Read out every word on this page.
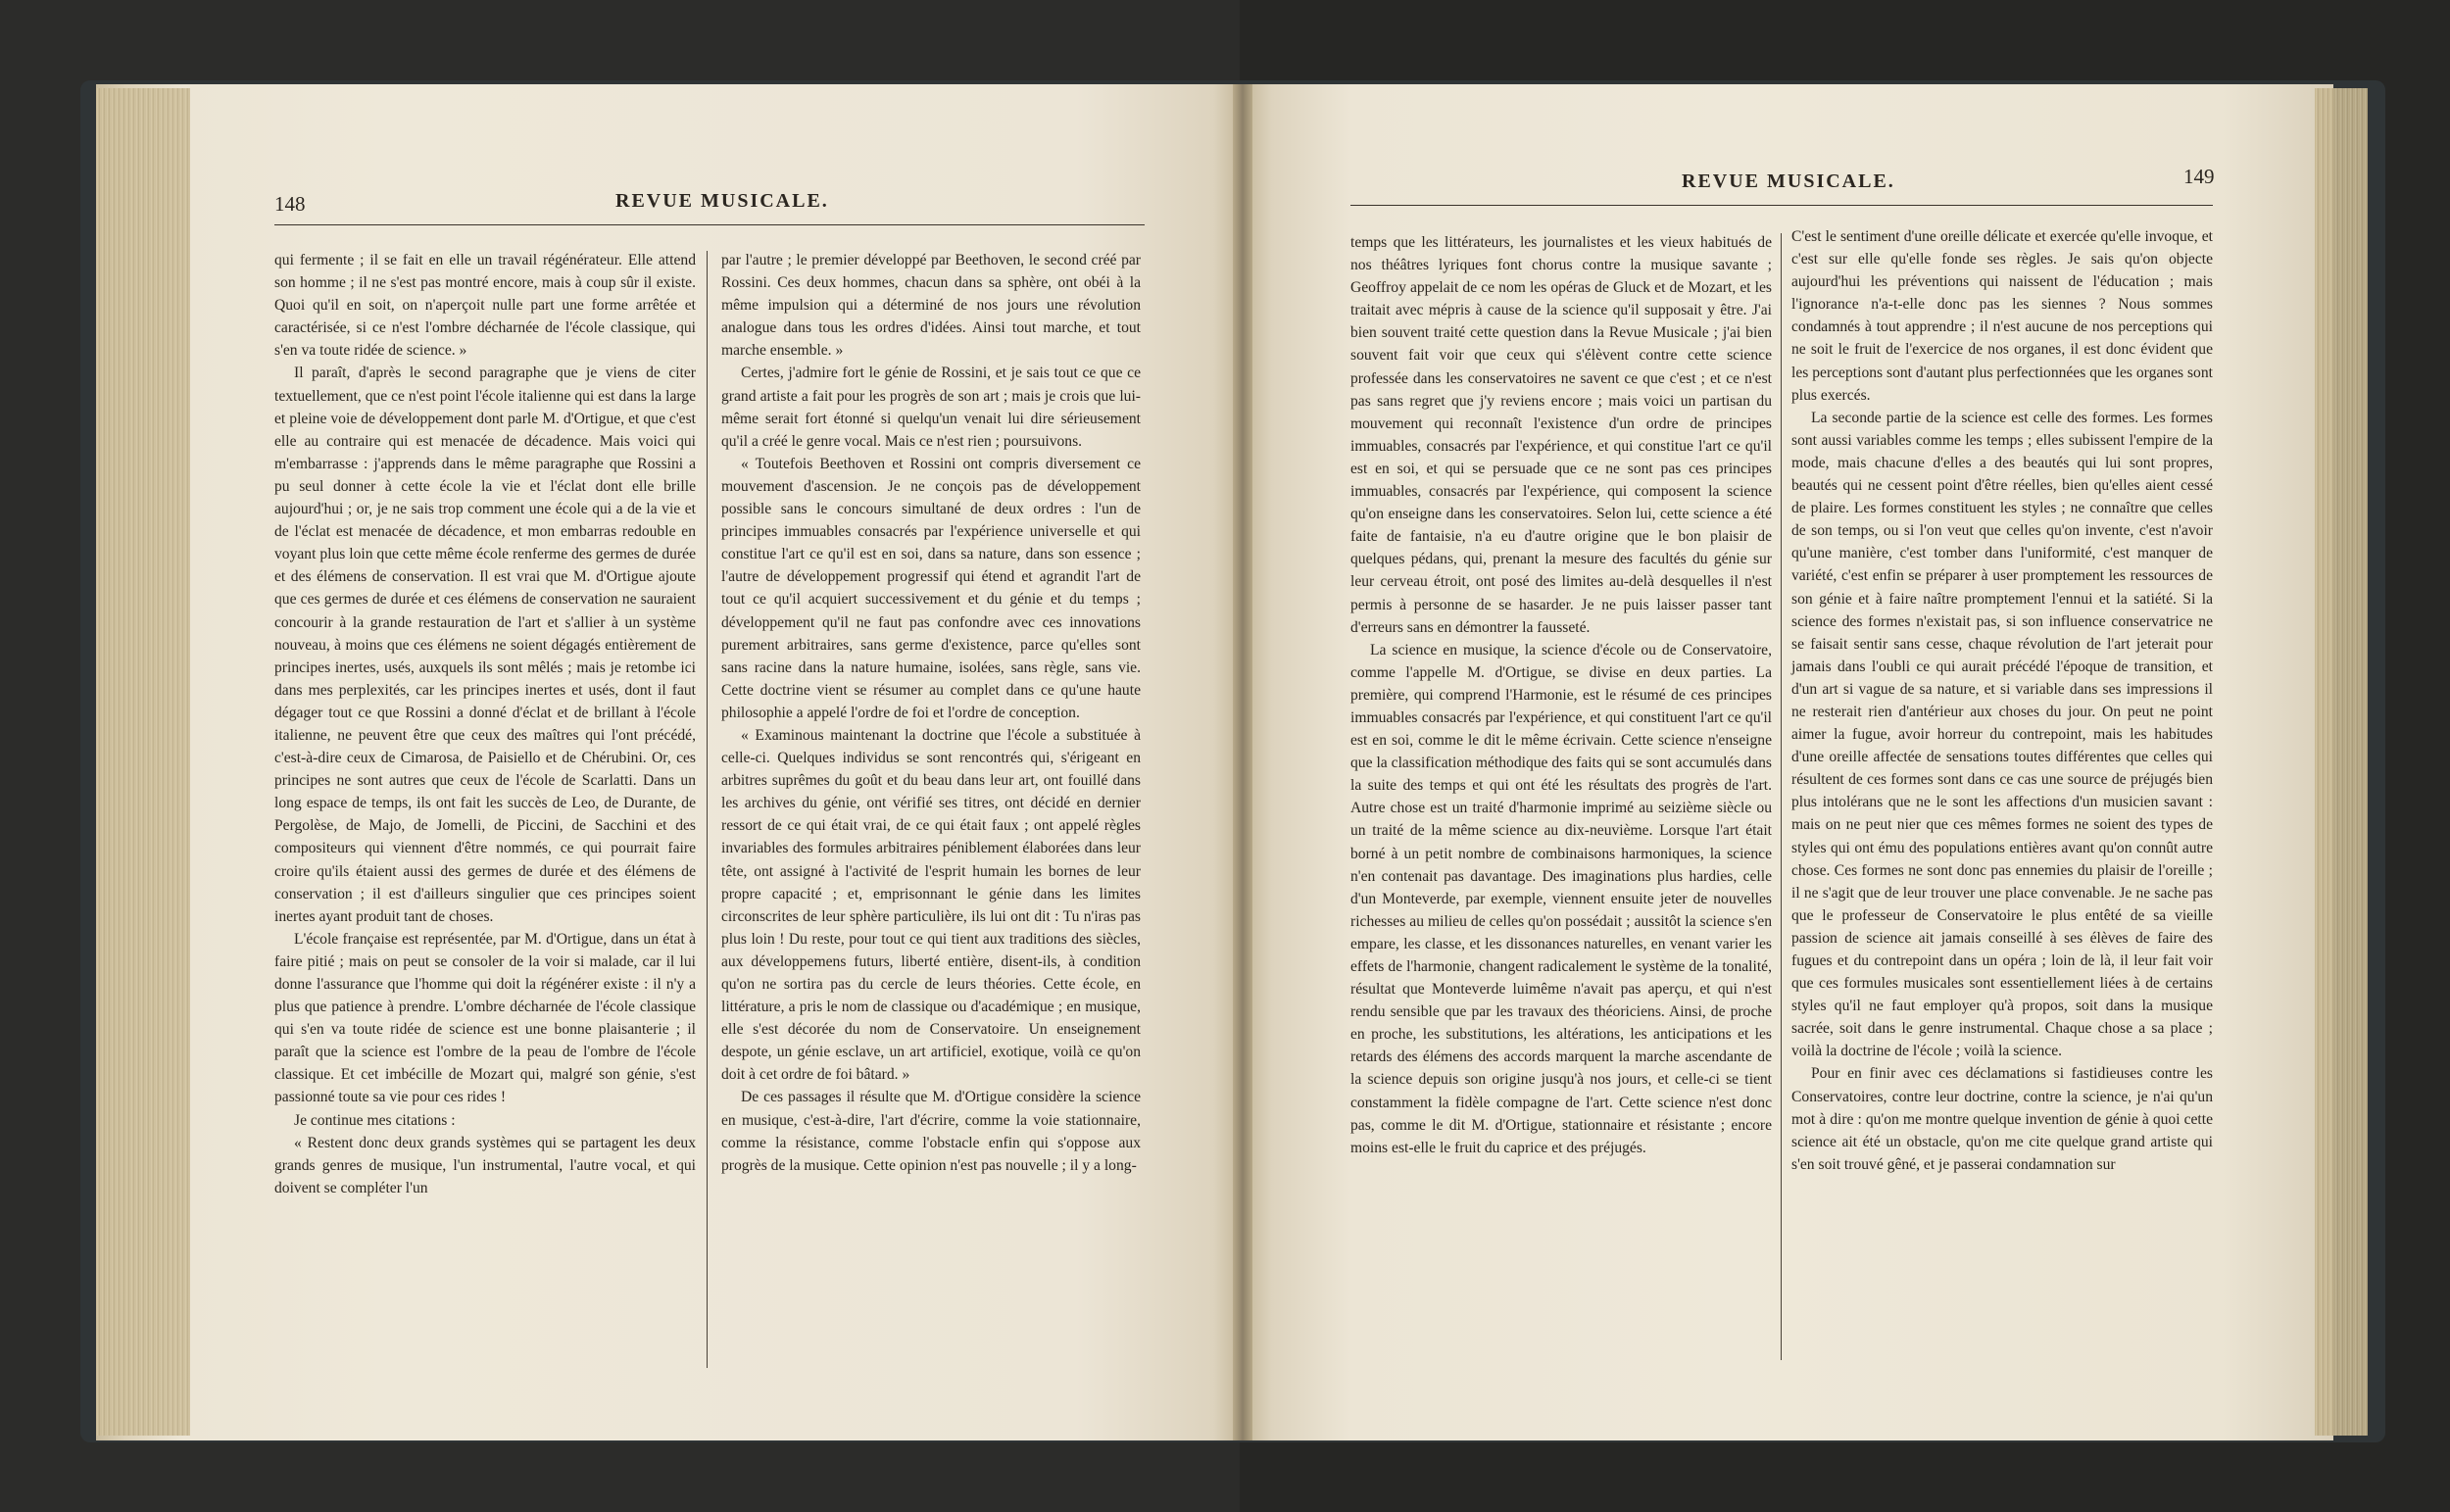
148	REVUE MUSICALE.

qui fermente ; il se fait en elle un travail régénérateur. Elle attend son homme ; il ne s'est pas montré encore, mais à coup sûr il existe. Quoi qu'il en soit, on n'aperçoit nulle part une forme arrêtée et caractérisée, si ce n'est l'ombre décharnée de l'école classique, qui s'en va toute ridée de science. »

Il paraît, d'après le second paragraphe que je viens de citer textuellement, que ce n'est point l'école italienne qui est dans la large et pleine voie de développement dont parle M. d'Ortigue, et que c'est elle au contraire qui est menacée de décadence. Mais voici qui m'embarrasse : j'apprends dans le même paragraphe que Rossini a pu seul donner à cette école la vie et l'éclat dont elle brille aujourd'hui ; or, je ne sais trop comment une école qui a de la vie et de l'éclat est menacée de décadence, et mon embarras redouble en voyant plus loin que cette même école renferme des germes de durée et des élémens de conservation. Il est vrai que M. d'Ortigue ajoute que ces germes de durée et ces élémens de conservation ne sauraient concourir à la grande restauration de l'art et s'allier à un système nouveau, à moins que ces élémens ne soient dégagés entièrement de principes inertes, usés, auxquels ils sont mêlés ; mais je retombe ici dans mes perplexités, car les principes inertes et usés, dont il faut dégager tout ce que Rossini a donné d'éclat et de brillant à l'école italienne, ne peuvent être que ceux des maîtres qui l'ont précédé, c'est-à-dire ceux de Cimarosa, de Paisiello et de Chérubini. Or, ces principes ne sont autres que ceux de l'école de Scarlatti. Dans un long espace de temps, ils ont fait les succès de Leo, de Durante, de Pergolèse, de Majo, de Jomelli, de Piccini, de Sacchini et des compositeurs qui viennent d'être nommés, ce qui pourrait faire croire qu'ils étaient aussi des germes de durée et des élémens de conservation ; il est d'ailleurs singulier que ces principes soient inertes ayant produit tant de choses.

L'école française est représentée, par M. d'Ortigue, dans un état à faire pitié ; mais on peut se consoler de la voir si malade, car il lui donne l'assurance que l'homme qui doit la régénérer existe : il n'y a plus que patience à prendre. L'ombre décharnée de l'école classique qui s'en va toute ridée de science est une bonne plaisanterie ; il paraît que la science est l'ombre de la peau de l'ombre de l'école classique. Et cet imbécille de Mozart qui, malgré son génie, s'est passionné toute sa vie pour ces rides !

Je continue mes citations :

« Restent donc deux grands systèmes qui se partagent les deux grands genres de musique, l'un instrumental, l'autre vocal, et qui doivent se compléter l'un

par l'autre ; le premier développé par Beethoven, le second créé par Rossini. Ces deux hommes, chacun dans sa sphère, ont obéi à la même impulsion qui a déterminé de nos jours une révolution analogue dans tous les ordres d'idées. Ainsi tout marche, et tout marche ensemble. »

Certes, j'admire fort le génie de Rossini, et je sais tout ce que ce grand artiste a fait pour les progrès de son art ; mais je crois que lui-même serait fort étonné si quelqu'un venait lui dire sérieusement qu'il a créé le genre vocal. Mais ce n'est rien ; poursuivons.

« Toutefois Beethoven et Rossini ont compris diversement ce mouvement d'ascension. Je ne conçois pas de développement possible sans le concours simultané de deux ordres : l'un de principes immuables consacrés par l'expérience universelle et qui constitue l'art ce qu'il est en soi, dans sa nature, dans son essence ; l'autre de développement progressif qui étend et agrandit l'art de tout ce qu'il acquiert successivement et du génie et du temps ; développement qu'il ne faut pas confondre avec ces innovations purement arbitraires, sans germe d'existence, parce qu'elles sont sans racine dans la nature humaine, isolées, sans règle, sans vie. Cette doctrine vient se résumer au complet dans ce qu'une haute philosophie a appelé l'ordre de foi et l'ordre de conception.

« Examinous maintenant la doctrine que l'école a substituée à celle-ci. Quelques individus se sont rencontrés qui, s'érigeant en arbitres suprêmes du goût et du beau dans leur art, ont fouillé dans les archives du génie, ont vérifié ses titres, ont décidé en dernier ressort de ce qui était vrai, de ce qui était faux ; ont appelé règles invariables des formules arbitraires péniblement élaborées dans leur tête, ont assigné à l'activité de l'esprit humain les bornes de leur propre capacité ; et, emprisonnant le génie dans les limites circonscrites de leur sphère particulière, ils lui ont dit : Tu n'iras pas plus loin ! Du reste, pour tout ce qui tient aux traditions des siècles, aux développemens futurs, liberté entière, disent-ils, à condition qu'on ne sortira pas du cercle de leurs théories. Cette école, en littérature, a pris le nom de classique ou d'académique ; en musique, elle s'est décorée du nom de Conservatoire. Un enseignement despote, un génie esclave, un art artificiel, exotique, voilà ce qu'on doit à cet ordre de foi bâtard. »

De ces passages il résulte que M. d'Ortigue considère la science en musique, c'est-à-dire, l'art d'écrire, comme la voie stationnaire, comme la résistance, comme l'obstacle enfin qui s'oppose aux progrès de la musique. Cette opinion n'est pas nouvelle ; il y a long-

REVUE MUSICALE.	149

temps que les littérateurs, les journalistes et les vieux habitués de nos théâtres lyriques font chorus contre la musique savante ; Geoffroy appelait de ce nom les opéras de Gluck et de Mozart, et les traitait avec mépris à cause de la science qu'il supposait y être. J'ai bien souvent traité cette question dans la Revue Musicale ; j'ai bien souvent fait voir que ceux qui s'élèvent contre cette science professée dans les conservatoires ne savent ce que c'est ; et ce n'est pas sans regret que j'y reviens encore ; mais voici un partisan du mouvement qui reconnaît l'existence d'un ordre de principes immuables, consacrés par l'expérience, et qui constitue l'art ce qu'il est en soi, et qui se persuade que ce ne sont pas ces principes immuables, consacrés par l'expérience, qui composent la science qu'on enseigne dans les conservatoires. Selon lui, cette science a été faite de fantaisie, n'a eu d'autre origine que le bon plaisir de quelques pédans, qui, prenant la mesure des facultés du génie sur leur cerveau étroit, ont posé des limites au-delà desquelles il n'est permis à personne de se hasarder. Je ne puis laisser passer tant d'erreurs sans en démontrer la fausseté.

La science en musique, la science d'école ou de Conservatoire, comme l'appelle M. d'Ortigue, se divise en deux parties. La première, qui comprend l'Harmonie, est le résumé de ces principes immuables consacrés par l'expérience, et qui constituent l'art ce qu'il est en soi, comme le dit le même écrivain. Cette science n'enseigne que la classification méthodique des faits qui se sont accumulés dans la suite des temps et qui ont été les résultats des progrès de l'art. Autre chose est un traité d'harmonie imprimé au seizième siècle ou un traité de la même science au dix-neuvième. Lorsque l'art était borné à un petit nombre de combinaisons harmoniques, la science n'en contenait pas davantage. Des imaginations plus hardies, celle d'un Monteverde, par exemple, viennent ensuite jeter de nouvelles richesses au milieu de celles qu'on possédait ; aussitôt la science s'en empare, les classe, et les dissonances naturelles, en venant varier les effets de l'harmonie, changent radicalement le système de la tonalité, résultat que Monteverde luimême n'avait pas aperçu, et qui n'est rendu sensible que par les travaux des théoriciens. Ainsi, de proche en proche, les substitutions, les altérations, les anticipations et les retards des élémens des accords marquent la marche ascendante de la science depuis son origine jusqu'à nos jours, et celle-ci se tient constamment la fidèle compagne de l'art. Cette science n'est donc pas, comme le dit M. d'Ortigue, stationnaire et résistante ; encore moins est-elle le fruit du caprice et des préjugés.

C'est le sentiment d'une oreille délicate et exercée qu'elle invoque, et c'est sur elle qu'elle fonde ses règles. Je sais qu'on objecte aujourd'hui les préventions qui naissent de l'éducation ; mais l'ignorance n'a-t-elle donc pas les siennes ? Nous sommes condamnés à tout apprendre ; il n'est aucune de nos perceptions qui ne soit le fruit de l'exercice de nos organes, il est donc évident que les perceptions sont d'autant plus perfectionnées que les organes sont plus exercés.

La seconde partie de la science est celle des formes. Les formes sont aussi variables comme les temps ; elles subissent l'empire de la mode, mais chacune d'elles a des beautés qui lui sont propres, beautés qui ne cessent point d'être réelles, bien qu'elles aient cessé de plaire. Les formes constituent les styles ; ne connaître que celles de son temps, ou si l'on veut que celles qu'on invente, c'est n'avoir qu'une manière, c'est tomber dans l'uniformité, c'est manquer de variété, c'est enfin se préparer à user promptement les ressources de son génie et à faire naître promptement l'ennui et la satiété. Si la science des formes n'existait pas, si son influence conservatrice ne se faisait sentir sans cesse, chaque révolution de l'art jeterait pour jamais dans l'oubli ce qui aurait précédé l'époque de transition, et d'un art si vague de sa nature, et si variable dans ses impressions il ne resterait rien d'antérieur aux choses du jour. On peut ne point aimer la fugue, avoir horreur du contrepoint, mais les habitudes d'une oreille affectée de sensations toutes différentes que celles qui résultent de ces formes sont dans ce cas une source de préjugés bien plus intolérans que ne le sont les affections d'un musicien savant : mais on ne peut nier que ces mêmes formes ne soient des types de styles qui ont ému des populations entières avant qu'on connût autre chose. Ces formes ne sont donc pas ennemies du plaisir de l'oreille ; il ne s'agit que de leur trouver une place convenable. Je ne sache pas que le professeur de Conservatoire le plus entêté de sa vieille passion de science ait jamais conseillé à ses élèves de faire des fugues et du contrepoint dans un opéra ; loin de là, il leur fait voir que ces formules musicales sont essentiellement liées à de certains styles qu'il ne faut employer qu'à propos, soit dans la musique sacrée, soit dans le genre instrumental. Chaque chose a sa place ; voilà la doctrine de l'école ; voilà la science.

Pour en finir avec ces déclamations si fastidieuses contre les Conservatoires, contre leur doctrine, contre la science, je n'ai qu'un mot à dire : qu'on me montre quelque invention de génie à quoi cette science ait été un obstacle, qu'on me cite quelque grand artiste qui s'en soit trouvé gêné, et je passerai condamnation sur
